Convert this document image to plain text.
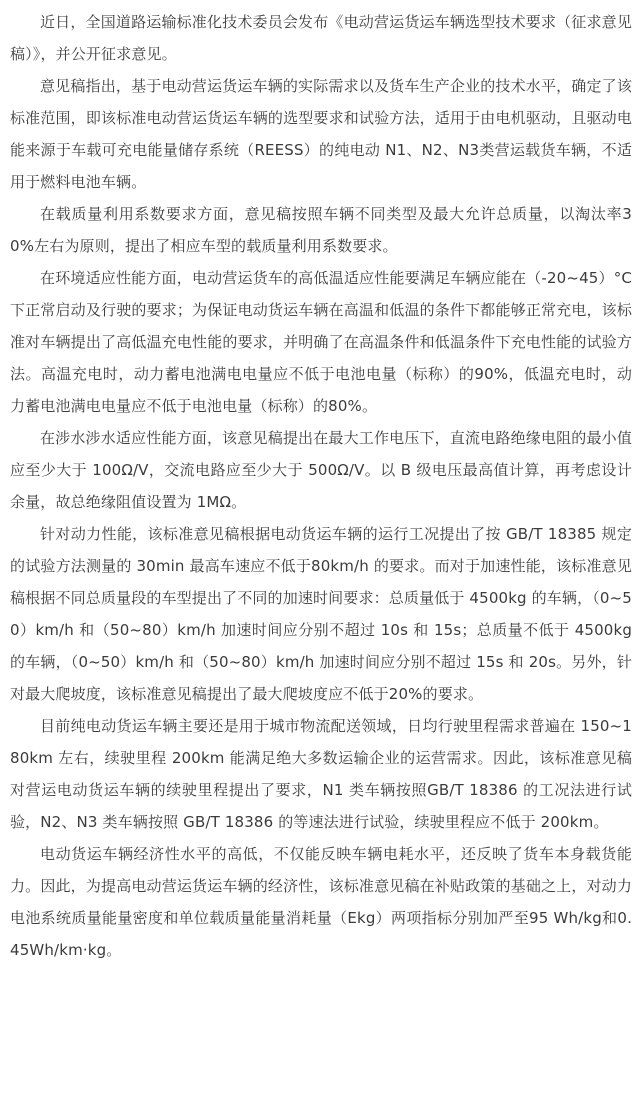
近日，全国道路运输标准化技术委员会发布《电动营运货运车辆选型技术要求（征求意见稿）》，并公开征求意见。

意见稿指出，基于电动营运货运车辆的实际需求以及货车生产企业的技术水平，确定了该标准范围，即该标准电动营运货运车辆的选型要求和试验方法，适用于由电机驱动，且驱动电能来源于车载可充电能量储存系统（REESS）的纯电动 N1、N2、N3类营运载货车辆，不适用于燃料电池车辆。

在载质量利用系数要求方面，意见稿按照车辆不同类型及最大允许总质量，以淘汰率30%左右为原则，提出了相应车型的载质量利用系数要求。

在环境适应性能方面，电动营运货车的高低温适应性能要满足车辆应能在（-20~45）°C下正常启动及行驶的要求；为保证电动货运车辆在高温和低温的条件下都能够正常充电，该标准对车辆提出了高低温充电性能的要求，并明确了在高温条件和低温条件下充电性能的试验方法。高温充电时，动力蓄电池满电电量应不低于电池电量（标称）的90%，低温充电时，动力蓄电池满电电量应不低于电池电量（标称）的80%。

在涉水涉水适应性能方面，该意见稿提出在最大工作电压下，直流电路绝缘电阻的最小值应至少大于 100Ω/V，交流电路应至少大于 500Ω/V。以 B 级电压最高值计算，再考虑设计余量，故总绝缘阻值设置为 1MΩ。

针对动力性能，该标准意见稿根据电动货运车辆的运行工况提出了按 GB/T 18385 规定的试验方法测量的 30min 最高车速应不低于80km/h 的要求。而对于加速性能，该标准意见稿根据不同总质量段的车型提出了不同的加速时间要求：总质量低于 4500kg 的车辆，（0~50）km/h 和（50~80）km/h 加速时间应分别不超过 10s 和 15s；总质量不低于 4500kg 的车辆，（0~50）km/h 和（50~80）km/h 加速时间应分别不超过 15s 和 20s。另外，针对最大爬坡度，该标准意见稿提出了最大爬坡度应不低于20%的要求。

目前纯电动货运车辆主要还是用于城市物流配送领域，日均行驶里程需求普遍在 150~180km 左右，续驶里程 200km 能满足绝大多数运输企业的运营需求。因此，该标准意见稿对营运电动货运车辆的续驶里程提出了要求，N1 类车辆按照GB/T 18386 的工况法进行试验，N2、N3 类车辆按照 GB/T 18386 的等速法进行试验，续驶里程应不低于 200km。

电动货运车辆经济性水平的高低，不仅能反映车辆电耗水平，还反映了货车本身载货能力。因此，为提高电动营运货运车辆的经济性，该标准意见稿在补贴政策的基础之上，对动力电池系统质量能量密度和单位载质量能量消耗量（Ekg）两项指标分别加严至95 Wh/kg和0.45Wh/km·kg。
